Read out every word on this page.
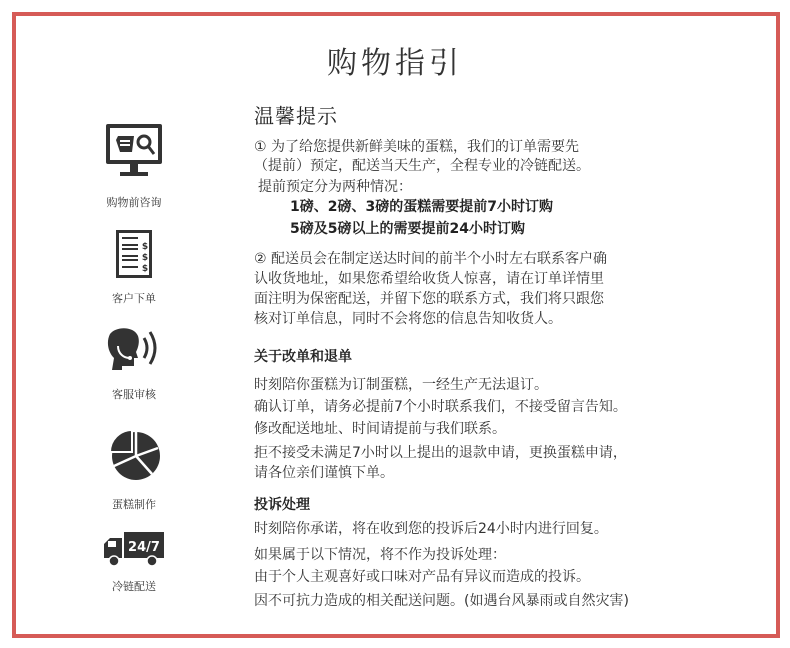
购物指引
购物前咨询
$
$
$
客户下单
客服审核
蛋糕制作
24/7
冷链配送
温馨提示
① 为了给您提供新鲜美味的蛋糕，我们的订单需要先
（提前）预定，配送当天生产，全程专业的冷链配送。
提前预定分为两种情况：
1磅、2磅、3磅的蛋糕需要提前7小时订购
5磅及5磅以上的需要提前24小时订购
② 配送员会在制定送达时间的前半个小时左右联系客户确
认收货地址，如果您希望给收货人惊喜，请在订单详情里
面注明为保密配送，并留下您的联系方式，我们将只跟您
核对订单信息，同时不会将您的信息告知收货人。
关于改单和退单
时刻陪你蛋糕为订制蛋糕，一经生产无法退订。
确认订单，请务必提前7个小时联系我们，不接受留言告知。
修改配送地址、时间请提前与我们联系。
拒不接受未满足7小时以上提出的退款申请，更换蛋糕申请，
请各位亲们谨慎下单。
投诉处理
时刻陪你承诺，将在收到您的投诉后24小时内进行回复。
如果属于以下情况，将不作为投诉处理：
由于个人主观喜好或口味对产品有异议而造成的投诉。
因不可抗力造成的相关配送问题。(如遇台风暴雨或自然灾害)
